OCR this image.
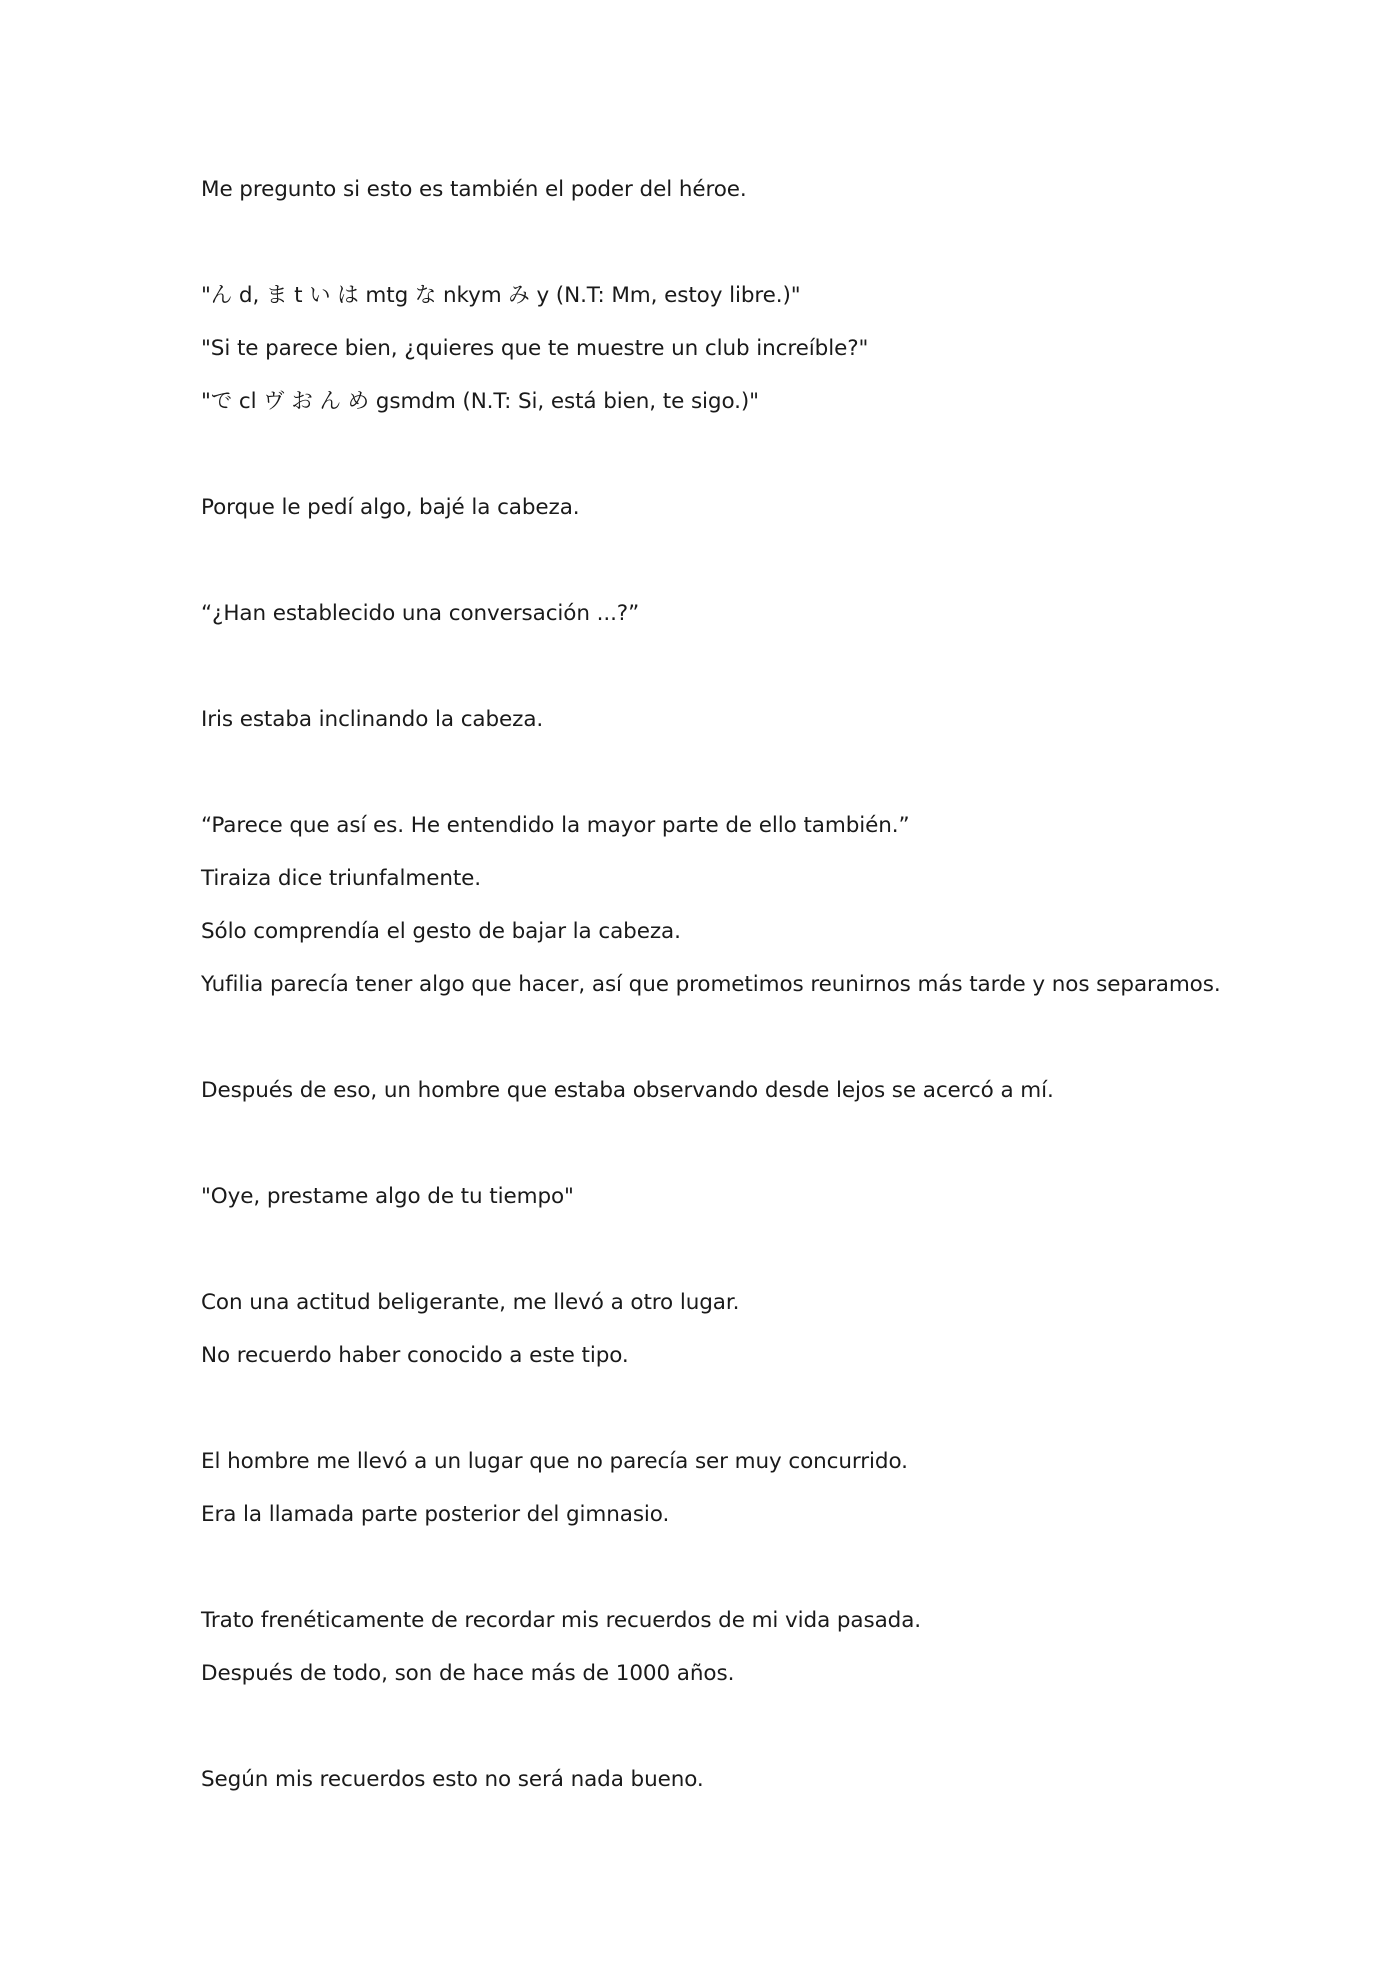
Me pregunto si esto es también el poder del héroe.
"ん d, ま t い は mtg な nkym み y (N.T: Mm, estoy libre.)"
"Si te parece bien, ¿quieres que te muestre un club increíble?"
"で cl ヴ お ん め gsmdm (N.T: Si, está bien, te sigo.)"
Porque le pedí algo, bajé la cabeza.
“¿Han establecido una conversación ...?”
Iris estaba inclinando la cabeza.
“Parece que así es. He entendido la mayor parte de ello también.”
Tiraiza dice triunfalmente.
Sólo comprendía el gesto de bajar la cabeza.
Yufilia parecía tener algo que hacer, así que prometimos reunirnos más tarde y nos separamos.
Después de eso, un hombre que estaba observando desde lejos se acercó a mí.
"Oye, prestame algo de tu tiempo"
Con una actitud beligerante, me llevó a otro lugar.
No recuerdo haber conocido a este tipo.
El hombre me llevó a un lugar que no parecía ser muy concurrido.
Era la llamada parte posterior del gimnasio.
Trato frenéticamente de recordar mis recuerdos de mi vida pasada.
Después de todo, son de hace más de 1000 años.
Según mis recuerdos esto no será nada bueno.
